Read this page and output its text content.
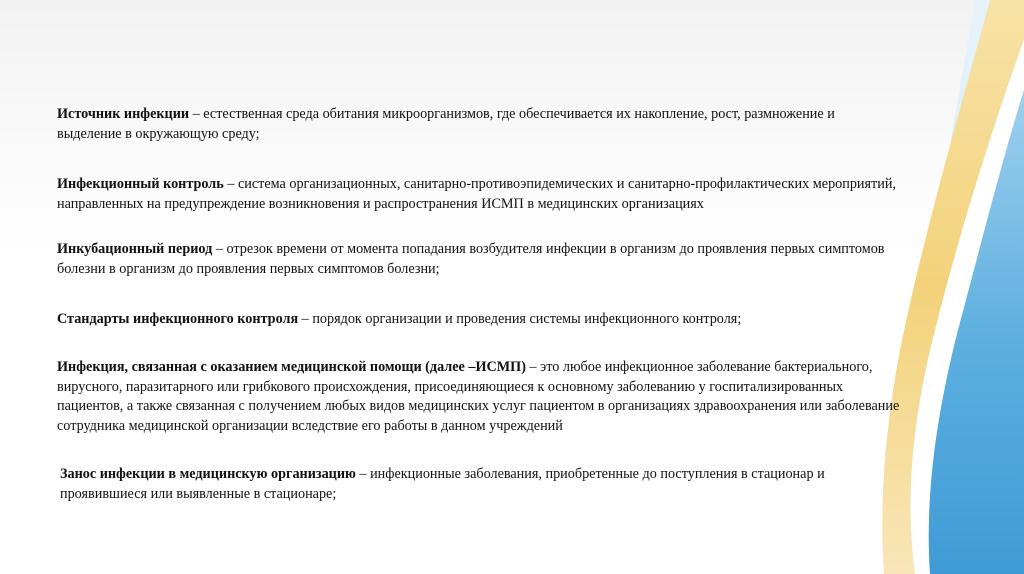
Источник инфекции – естественная среда обитания микроорганизмов, где обеспечивается их накопление, рост, размножение и выделение в окружающую среду;

Инфекционный контроль – система организационных, санитарно-противоэпидемических и санитарно-профилактических мероприятий, направленных на предупреждение возникновения и распространения ИСМП в медицинских организациях

Инкубационный период – отрезок времени от момента попадания возбудителя инфекции в организм до проявления первых симптомов болезни в организм до проявления первых симптомов болезни;

Стандарты инфекционного контроля – порядок организации и проведения системы инфекционного контроля;

Инфекция, связанная с оказанием медицинской помощи (далее –ИСМП) – это любое инфекционное заболевание бактериального, вирусного, паразитарного или грибкового происхождения, присоединяющиеся к основному заболеванию у госпитализированных пациентов, а также связанная с получением любых видов медицинских услуг пациентом в организациях здравоохранения или заболевание сотрудника медицинской организации вследствие его работы в данном учреждений

Занос инфекции в медицинскую организацию – инфекционные заболевания, приобретенные до поступления в стационар и проявившиеся или выявленные в стационаре;
